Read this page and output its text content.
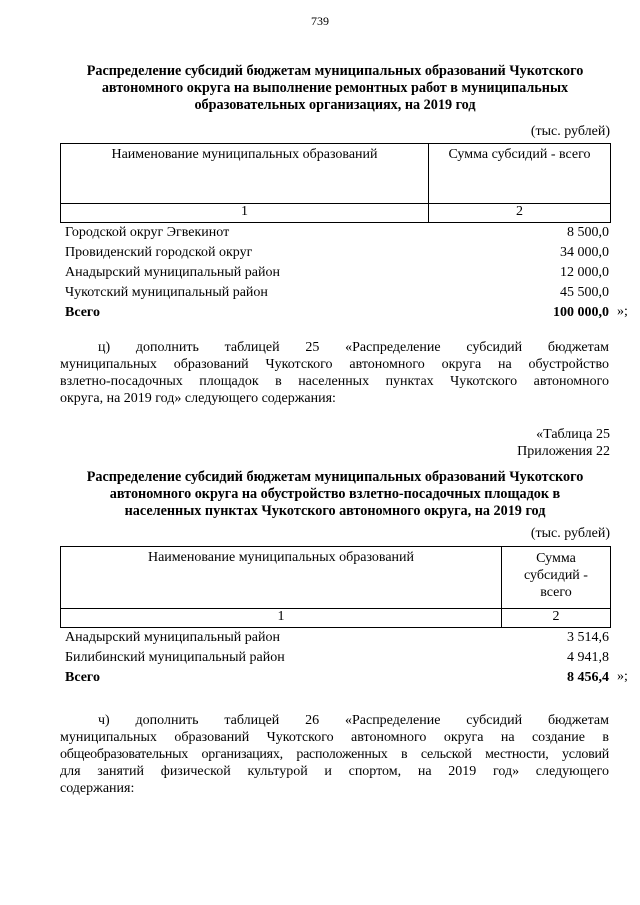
739
Распределение субсидий бюджетам муниципальных образований Чукотского
автономного округа на выполнение ремонтных работ в муниципальных
образовательных организациях, на 2019 год
(тыс. рублей)
Наименование муниципальных образований	Сумма субсидий - всего
1	2
Городской округ Эгвекинот	8 500,0
Провиденский городской округ	34 000,0
Анадырский муниципальный район	12 000,0
Чукотский муниципальный район	45 500,0
Всего	100 000,0 »;
ц) дополнить таблицей 25 «Распределение субсидий бюджетам
муниципальных образований Чукотского автономного округа на обустройство
взлетно-посадочных площадок в населенных пунктах Чукотского автономного
округа, на 2019 год» следующего содержания:
«Таблица 25
Приложения 22
Распределение субсидий бюджетам муниципальных образований Чукотского
автономного округа на обустройство взлетно-посадочных площадок в
населенных пунктах Чукотского автономного округа, на 2019 год
(тыс. рублей)
Наименование муниципальных образований	Сумма
субсидий -
всего

1	2
Анадырский муниципальный район	3 514,6
Билибинский муниципальный район	4 941,8
Всего	8 456,4 »;
ч) дополнить таблицей 26 «Распределение субсидий бюджетам
муниципальных образований Чукотского автономного округа на создание в
общеобразовательных организациях, расположенных в сельской местности, условий
для занятий физической культурой и спортом, на 2019 год» следующего
содержания:
